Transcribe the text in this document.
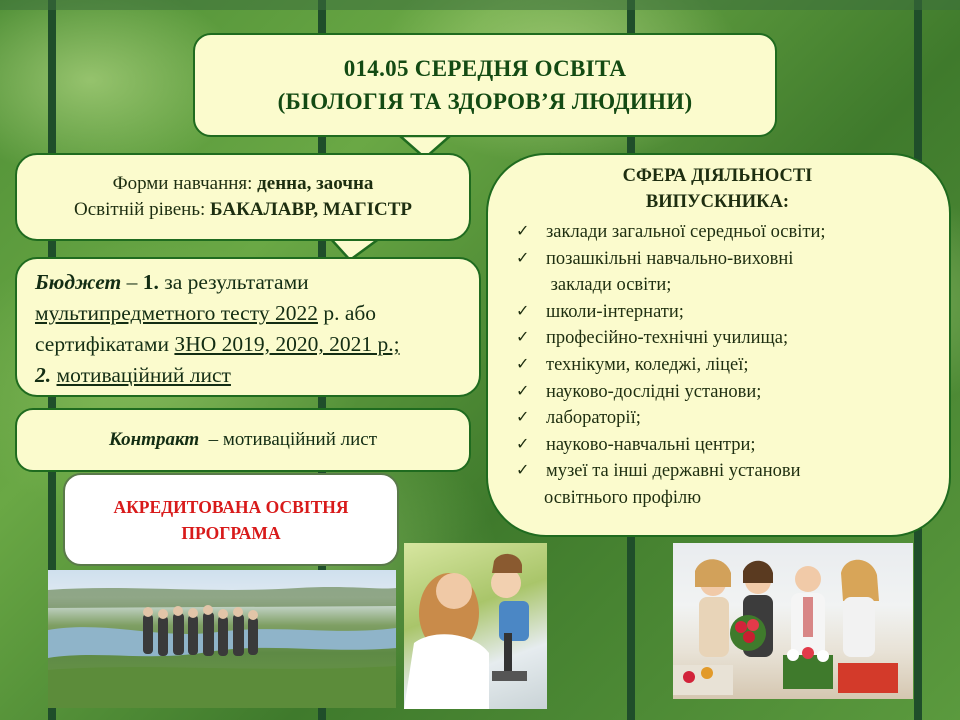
014.05 СЕРЕДНЯ ОСВІТА
(БІОЛОГІЯ ТА ЗДОРОВ’Я ЛЮДИНИ)
Форми навчання: денна, заочна
Освітній рівень: БАКАЛАВР, МАГІСТР
Бюджет – 1. за результатами
мультипредметного тесту 2022 р. або
сертифікатами ЗНО 2019, 2020, 2021 р.;
2. мотиваційний лист
Контракт – мотиваційний лист
СФЕРА ДІЯЛЬНОСТІ
ВИПУСКНИКА:
✓ заклади загальної середньої освіти;
✓ позашкільні навчально-виховні
заклади освіти;
✓ школи-інтернати;
✓ професійно-технічні училища;
✓ технікуми, коледжі, ліцеї;
✓ науково-дослідні установи;
✓ лабораторії;
✓ науково-навчальні центри;
✓ музеї та інші державні установи
освітнього профілю
АКРЕДИТОВАНА ОСВІТНЯ
ПРОГРАМА
